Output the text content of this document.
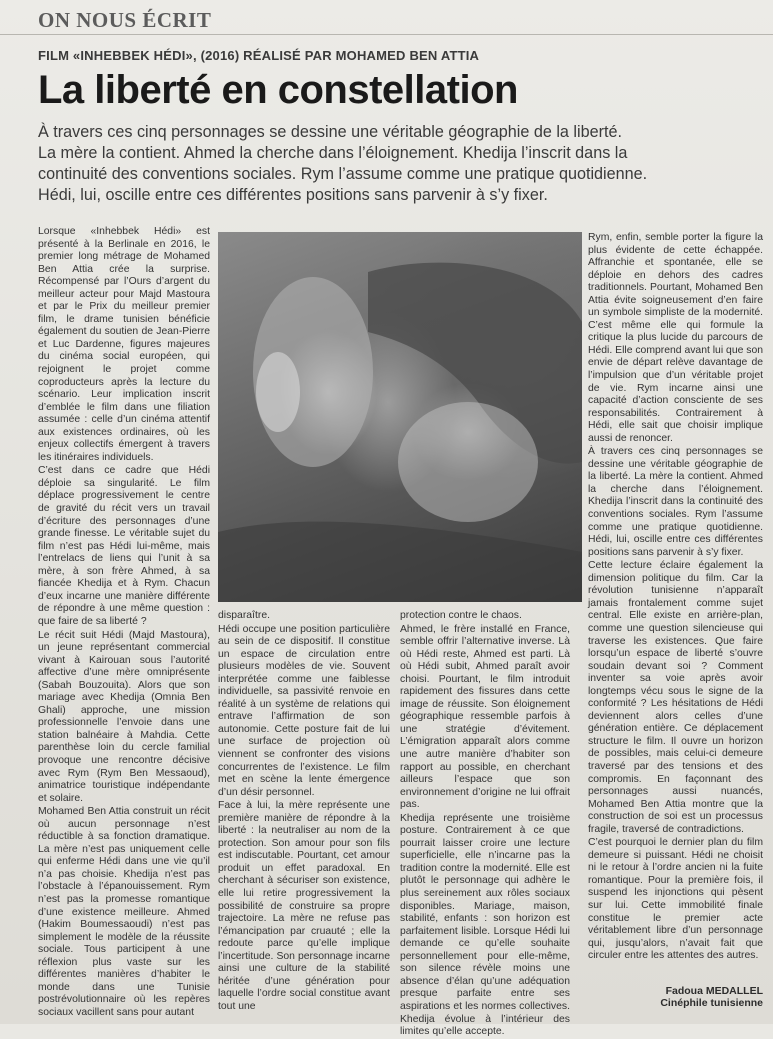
ON NOUS ÉCRIT
FILM «INHEBBEK HÉDI», (2016) RÉALISÉ PAR MOHAMED BEN ATTIA
La liberté en constellation

À travers ces cinq personnages se dessine une véritable géographie de la liberté.

La mère la contient. Ahmed la cherche dans l’éloignement. Khedija l’inscrit dans la

continuité des conventions sociales. Rym l’assume comme une pratique quotidienne.

Hédi, lui, oscille entre ces différentes positions sans parvenir à s’y fixer.

Lorsque «Inhebbek Hédi» est présenté à la Berlinale en 2016, le premier long métrage de Mohamed Ben Attia crée la surprise. Récompensé par l’Ours d’argent du meilleur acteur pour Majd Mastoura et par le Prix du meilleur premier film, le drame tunisien bénéficie également du soutien de Jean-Pierre et Luc Dardenne, figures majeures du cinéma social européen, qui rejoignent le projet comme coproducteurs après la lecture du scénario. Leur implication inscrit d’emblée le film dans une filiation assumée : celle d’un cinéma attentif aux existences ordinaires, où les enjeux collectifs émergent à travers les itinéraires individuels.

C’est dans ce cadre que Hédi déploie sa singularité. Le film déplace progressivement le centre de gravité du récit vers un travail d’écriture des personnages d’une grande finesse. Le véritable sujet du film n’est pas Hédi lui-même, mais l’entrelacs de liens qui l’unit à sa mère, à son frère Ahmed, à sa fiancée Khedija et à Rym. Chacun d’eux incarne une manière différente de répondre à une même question : que faire de sa liberté ?

Le récit suit Hédi (Majd Mastoura), un jeune représentant commercial vivant à Kairouan sous l’autorité affective d’une mère omniprésente (Sabah Bouzouita). Alors que son mariage avec Khedija (Omnia Ben Ghali) approche, une mission professionnelle l’envoie dans une station balnéaire à Mahdia. Cette parenthèse loin du cercle familial provoque une rencontre décisive avec Rym (Rym Ben Messaoud), animatrice touristique indépendante et solaire.

Mohamed Ben Attia construit un récit où aucun personnage n’est réductible à sa fonction dramatique. La mère n’est pas uniquement celle qui enferme Hédi dans une vie qu’il n’a pas choisie. Khedija n’est pas l’obstacle à l’épanouissement. Rym n’est pas la promesse romantique d’une existence meilleure. Ahmed (Hakim Boumessaoudi) n’est pas simplement le modèle de la réussite sociale. Tous participent à une réflexion plus vaste sur les différentes manières d’habiter le monde dans une Tunisie postrévolutionnaire où les repères sociaux vacillent sans pour autant

disparaître.

Hédi occupe une position particulière au sein de ce dispositif. Il constitue un espace de circulation entre plusieurs modèles de vie. Souvent interprétée comme une faiblesse individuelle, sa passivité renvoie en réalité à un système de relations qui entrave l’affirmation de son autonomie. Cette posture fait de lui une surface de projection où viennent se confronter des visions concurrentes de l’existence. Le film met en scène la lente émergence d’un désir personnel.

Face à lui, la mère représente une première manière de répondre à la liberté : la neutraliser au nom de la protection. Son amour pour son fils est indiscutable. Pourtant, cet amour produit un effet paradoxal. En cherchant à sécuriser son existence, elle lui retire progressivement la possibilité de construire sa propre trajectoire. La mère ne refuse pas l’émancipation par cruauté ; elle la redoute parce qu’elle implique l’incertitude. Son personnage incarne ainsi une culture de la stabilité héritée d’une génération pour laquelle l’ordre social constitue avant tout une

protection contre le chaos.

Ahmed, le frère installé en France, semble offrir l’alternative inverse. Là où Hédi reste, Ahmed est parti. Là où Hédi subit, Ahmed paraît avoir choisi. Pourtant, le film introduit rapidement des fissures dans cette image de réussite. Son éloignement géographique ressemble parfois à une stratégie d’évitement. L’émigration apparaît alors comme une autre manière d’habiter son rapport au possible, en cherchant ailleurs l’espace que son environnement d’origine ne lui offrait pas.

Khedija représente une troisième posture. Contrairement à ce que pourrait laisser croire une lecture superficielle, elle n’incarne pas la tradition contre la modernité. Elle est plutôt le personnage qui adhère le plus sereinement aux rôles sociaux disponibles. Mariage, maison, stabilité, enfants : son horizon est parfaitement lisible. Lorsque Hédi lui demande ce qu’elle souhaite personnellement pour elle-même, son silence révèle moins une absence d’élan qu’une adéquation presque parfaite entre ses aspirations et les normes collectives. Khedija évolue à l’intérieur des limites qu’elle accepte.

Rym, enfin, semble porter la figure la plus évidente de cette échappée. Affranchie et spontanée, elle se déploie en dehors des cadres traditionnels. Pourtant, Mohamed Ben Attia évite soigneusement d’en faire un symbole simpliste de la modernité. C’est même elle qui formule la critique la plus lucide du parcours de Hédi. Elle comprend avant lui que son envie de départ relève davantage de l’impulsion que d’un véritable projet de vie. Rym incarne ainsi une capacité d’action consciente de ses responsabilités. Contrairement à Hédi, elle sait que choisir implique aussi de renoncer.

À travers ces cinq personnages se dessine une véritable géographie de la liberté. La mère la contient. Ahmed la cherche dans l’éloignement. Khedija l’inscrit dans la continuité des conventions sociales. Rym l’assume comme une pratique quotidienne. Hédi, lui, oscille entre ces différentes positions sans parvenir à s’y fixer.

Cette lecture éclaire également la dimension politique du film. Car la révolution tunisienne n’apparaît jamais frontalement comme sujet central. Elle existe en arrière-plan, comme une question silencieuse qui traverse les existences. Que faire lorsqu’un espace de liberté s’ouvre soudain devant soi ? Comment inventer sa voie après avoir longtemps vécu sous le signe de la conformité ? Les hésitations de Hédi deviennent alors celles d’une génération entière. Ce déplacement structure le film. Il ouvre un horizon de possibles, mais celui-ci demeure traversé par des tensions et des compromis. En façonnant des personnages aussi nuancés, Mohamed Ben Attia montre que la construction de soi est un processus fragile, traversé de contradictions.

C’est pourquoi le dernier plan du film demeure si puissant. Hédi ne choisit ni le retour à l’ordre ancien ni la fuite romantique. Pour la première fois, il suspend les injonctions qui pèsent sur lui. Cette immobilité finale constitue le premier acte véritablement libre d’un personnage qui, jusqu’alors, n’avait fait que circuler entre les attentes des autres.

Fadoua MEDALLEL
Cinéphile tunisienne
